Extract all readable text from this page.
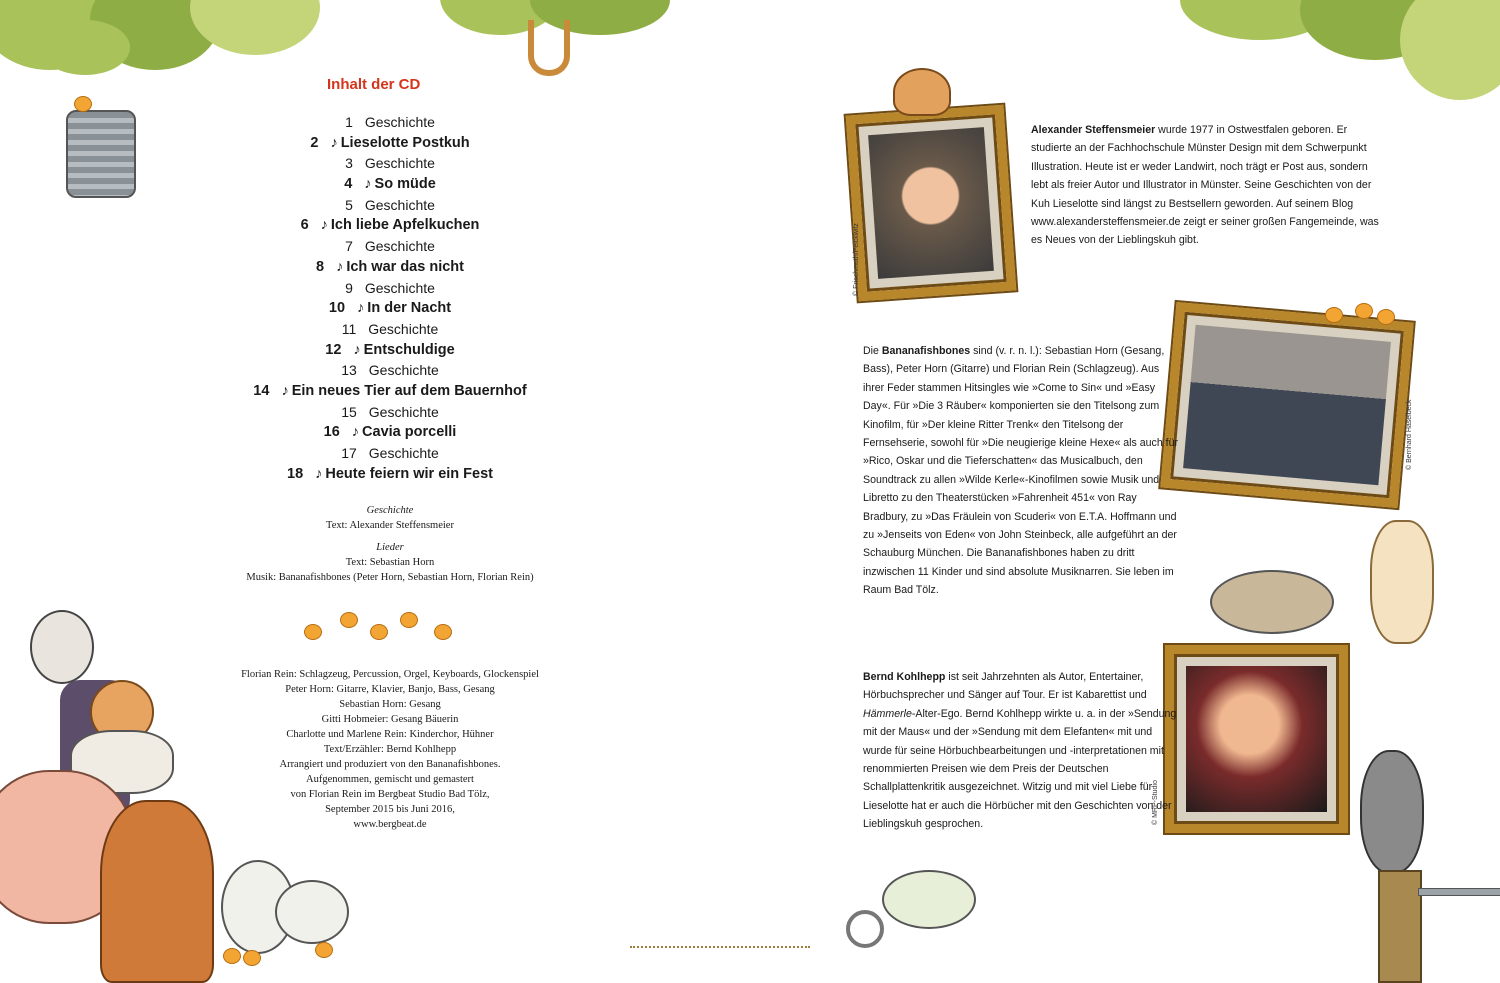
Inhalt der CD
1 Geschichte
2 ♪ Lieselotte Postkuh
3 Geschichte
4 ♪ So müde
5 Geschichte
6 ♪ Ich liebe Apfelkuchen
7 Geschichte
8 ♪ Ich war das nicht
9 Geschichte
10 ♪ In der Nacht
11 Geschichte
12 ♪ Entschuldige
13 Geschichte
14 ♪ Ein neues Tier auf dem Bauernhof
15 Geschichte
16 ♪ Cavia porcelli
17 Geschichte
18 ♪ Heute feiern wir ein Fest
Geschichte
Text: Alexander Steffensmeier
Lieder
Text: Sebastian Horn
Musik: Bananafishbones (Peter Horn, Sebastian Horn, Florian Rein)
Florian Rein: Schlagzeug, Percussion, Orgel, Keyboards, Glockenspiel
Peter Horn: Gitarre, Klavier, Banjo, Bass, Gesang
Sebastian Horn: Gesang
Gitti Hobmeier: Gesang Bäuerin
Charlotte und Marlene Rein: Kinderchor, Hühner
Text/Erzähler: Bernd Kohlhepp
Arrangiert und produziert von den Bananafishbones.
Aufgenommen, gemischt und gemastert
von Florian Rein im Bergbeat Studio Bad Tölz,
September 2015 bis Juni 2016,
www.bergbeat.de
© Frischmuth/Peickwitz
Alexander Steffensmeier wurde 1977 in Ostwestfalen geboren. Er studierte an der Fachhochschule Münster Design mit dem Schwerpunkt Illustration. Heute ist er weder Landwirt, noch trägt er Post aus, sondern lebt als freier Autor und Illustrator in Münster. Seine Geschichten von der Kuh Lieselotte sind längst zu Bestsellern geworden. Auf seinem Blog www.alexandersteffensmeier.de zeigt er seiner großen Fangemeinde, was es Neues von der Lieblingskuh gibt.
© Bernhard Haselbeck
Die Bananafishbones sind (v. r. n. l.): Sebastian Horn (Gesang, Bass), Peter Horn (Gitarre) und Florian Rein (Schlagzeug). Aus ihrer Feder stammen Hitsingles wie »Come to Sin« und »Easy Day«. Für »Die 3 Räuber« komponierten sie den Titelsong zum Kinofilm, für »Der kleine Ritter Trenk« den Titelsong der Fernsehserie, sowohl für »Die neugierige kleine Hexe« als auch für »Rico, Oskar und die Tieferschatten« das Musicalbuch, den Soundtrack zu allen »Wilde Kerle«-Kinofilmen sowie Musik und Libretto zu den Theaterstücken »Fahrenheit 451« von Ray Bradbury, zu »Das Fräulein von Scuderi« von E.T.A. Hoffmann und zu »Jenseits von Eden« von John Steinbeck, alle aufgeführt an der Schauburg München. Die Bananafishbones haben zu dritt inzwischen 11 Kinder und sind absolute Musiknarren. Sie leben im Raum Bad Tölz.
© MRP-Studio
Bernd Kohlhepp ist seit Jahrzehnten als Autor, Entertainer, Hörbuchsprecher und Sänger auf Tour. Er ist Kabarettist und Hämmerle-Alter-Ego. Bernd Kohlhepp wirkte u. a. in der »Sendung mit der Maus« und der »Sendung mit dem Elefanten« mit und wurde für seine Hörbuchbearbeitungen und -interpretationen mit renommierten Preisen wie dem Preis der Deutschen Schallplattenkritik ausgezeichnet. Witzig und mit viel Liebe für Lieselotte hat er auch die Hörbücher mit den Geschichten von der Lieblingskuh gesprochen.
